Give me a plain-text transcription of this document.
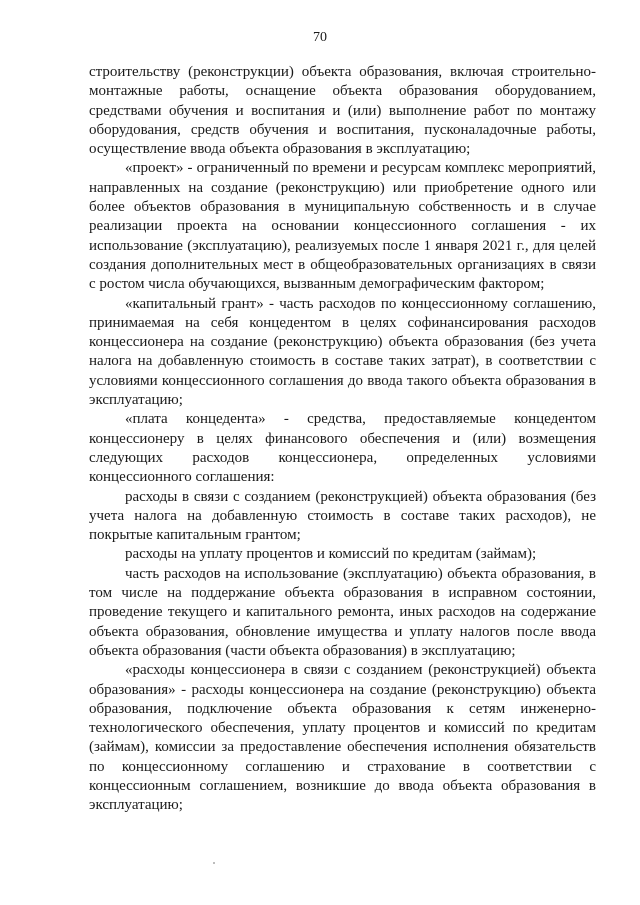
70

строительству (реконструкции) объекта образования, включая строительно-монтажные работы, оснащение объекта образования оборудованием, средствами обучения и воспитания и (или) выполнение работ по монтажу оборудования, средств обучения и воспитания, пусконаладочные работы, осуществление ввода объекта образования в эксплуатацию;

«проект» - ограниченный по времени и ресурсам комплекс мероприятий, направленных на создание (реконструкцию) или приобретение одного или более объектов образования в муниципальную собственность и в случае реализации проекта на основании концессионного соглашения - их использование (эксплуатацию), реализуемых после 1 января 2021 г., для целей создания дополнительных мест в общеобразовательных организациях в связи с ростом числа обучающихся, вызванным демографическим фактором;

«капитальный грант» - часть расходов по концессионному соглашению, принимаемая на себя концедентом в целях софинансирования расходов концессионера на создание (реконструкцию) объекта образования (без учета налога на добавленную стоимость в составе таких затрат), в соответствии с условиями концессионного соглашения до ввода такого объекта образования в эксплуатацию;

«плата концедента» - средства, предоставляемые концедентом концессионеру в целях финансового обеспечения и (или) возмещения следующих расходов концессионера, определенных условиями концессионного соглашения:

расходы в связи с созданием (реконструкцией) объекта образования (без учета налога на добавленную стоимость в составе таких расходов), не покрытые капитальным грантом;

расходы на уплату процентов и комиссий по кредитам (займам);

часть расходов на использование (эксплуатацию) объекта образования, в том числе на поддержание объекта образования в исправном состоянии, проведение текущего и капитального ремонта, иных расходов на содержание объекта образования, обновление имущества и уплату налогов после ввода объекта образования (части объекта образования) в эксплуатацию;

«расходы концессионера в связи с созданием (реконструкцией) объекта образования» - расходы концессионера на создание (реконструкцию) объекта образования, подключение объекта образования к сетям инженерно-технологического обеспечения, уплату процентов и комиссий по кредитам (займам), комиссии за предоставление обеспечения исполнения обязательств по концессионному соглашению и страхование в соответствии с концессионным соглашением, возникшие до ввода объекта образования в эксплуатацию;
